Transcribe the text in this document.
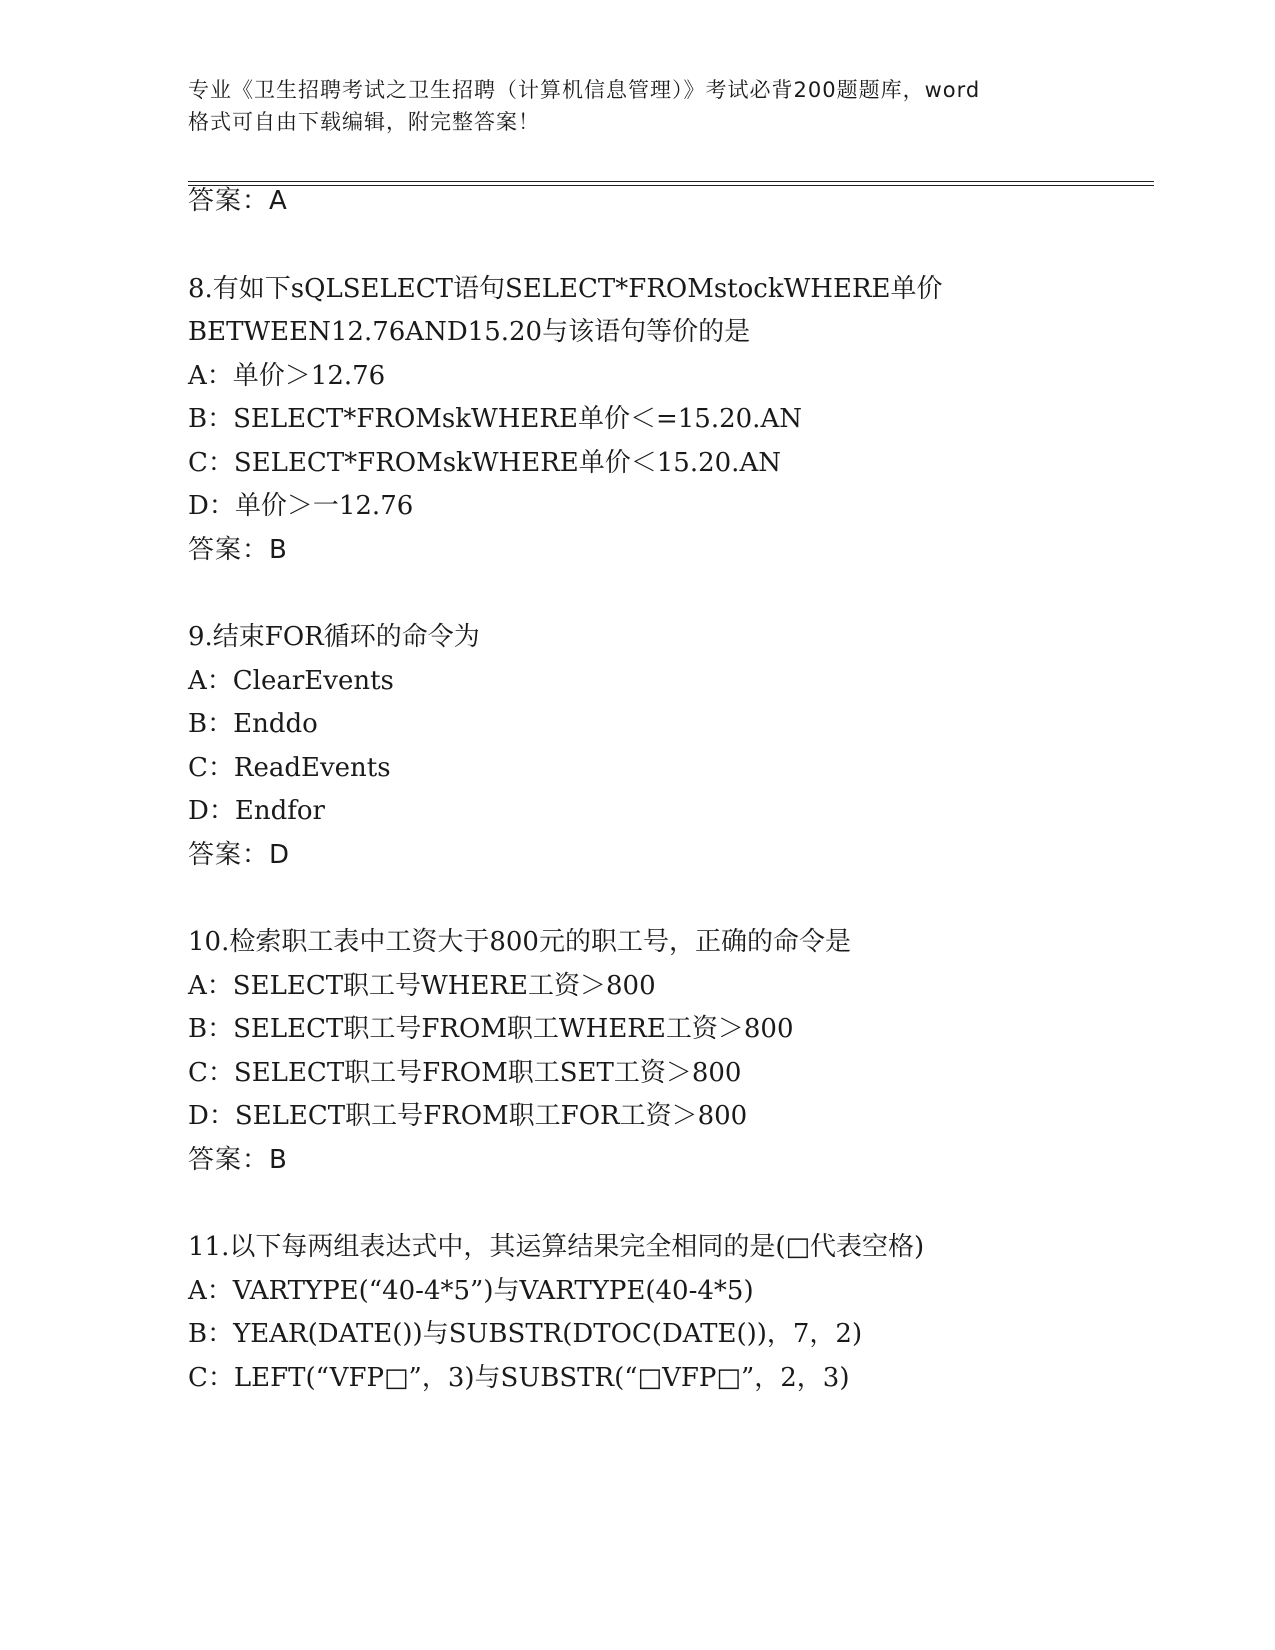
专业《卫生招聘考试之卫生招聘（计算机信息管理）》考试必背200题题库，word
格式可自由下载编辑，附完整答案！
答案：A
8.有如下sQLSELECT语句SELECT*FROMstockWHERE单价
BETWEEN12.76AND15.20与该语句等价的是
A：单价＞12.76
B：SELECT*FROMskWHERE单价＜=15.20.AN
C：SELECT*FROMskWHERE单价＜15.20.AN
D：单价＞一12.76
答案：B
9.结束FOR循环的命令为
A：ClearEvents
B：Enddo
C：ReadEvents
D：Endfor
答案：D
10.检索职工表中工资大于800元的职工号，正确的命令是
A：SELECT职工号WHERE工资＞800
B：SELECT职工号FROM职工WHERE工资＞800
C：SELECT职工号FROM职工SET工资＞800
D：SELECT职工号FROM职工FOR工资＞800
答案：B
11.以下每两组表达式中，其运算结果完全相同的是(□代表空格)
A：VARTYPE(“40-4*5”)与VARTYPE(40-4*5)
B：YEAR(DATE())与SUBSTR(DTOC(DATE())，7，2)
C：LEFT(“VFP□”，3)与SUBSTR(“□VFP□”，2，3)
